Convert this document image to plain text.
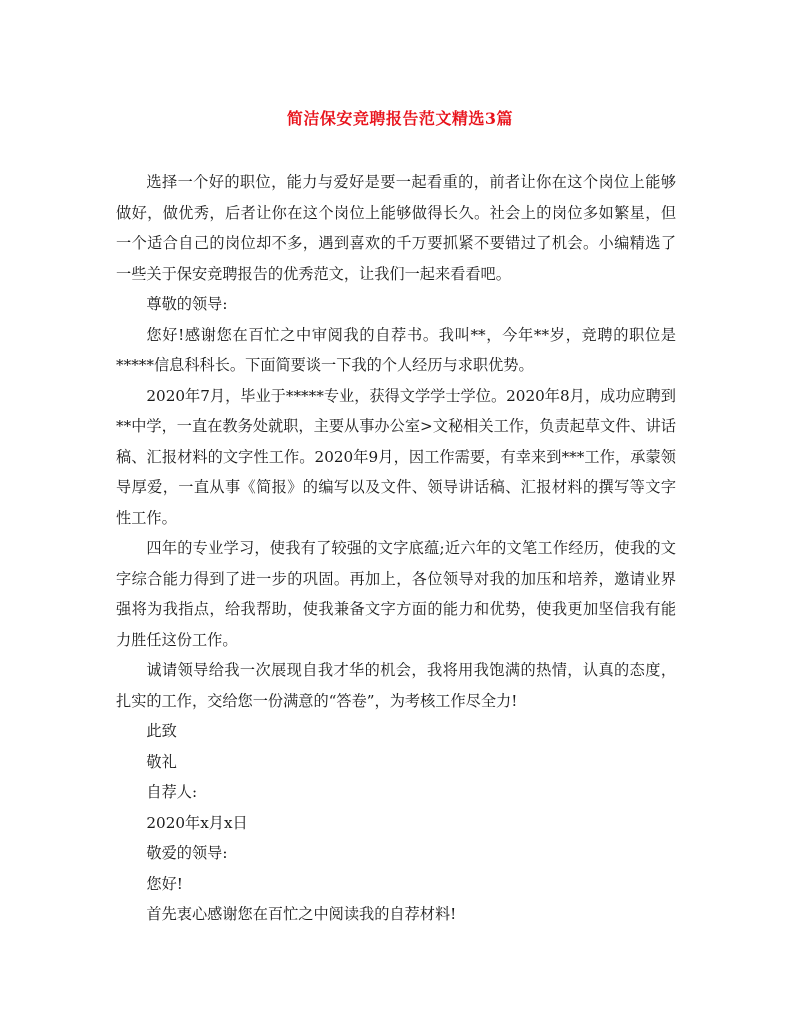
简洁保安竞聘报告范文精选3篇

选择一个好的职位，能力与爱好是要一起看重的，前者让你在这个岗位上能够做好，做优秀，后者让你在这个岗位上能够做得长久。社会上的岗位多如繁星，但一个适合自己的岗位却不多，遇到喜欢的千万要抓紧不要错过了机会。小编精选了一些关于保安竞聘报告的优秀范文，让我们一起来看看吧。

尊敬的领导:

您好!感谢您在百忙之中审阅我的自荐书。我叫**，今年**岁，竞聘的职位是*****信息科科长。下面简要谈一下我的个人经历与求职优势。

2020年7月，毕业于*****专业，获得文学学士学位。2020年8月，成功应聘到**中学，一直在教务处就职，主要从事办公室>文秘相关工作，负责起草文件、讲话稿、汇报材料的文字性工作。2020年9月，因工作需要，有幸来到***工作，承蒙领导厚爱，一直从事《简报》的编写以及文件、领导讲话稿、汇报材料的撰写等文字性工作。

四年的专业学习，使我有了较强的文字底蕴;近六年的文笔工作经历，使我的文字综合能力得到了进一步的巩固。再加上，各位领导对我的加压和培养，邀请业界强将为我指点，给我帮助，使我兼备文字方面的能力和优势，使我更加坚信我有能力胜任这份工作。

诚请领导给我一次展现自我才华的机会，我将用我饱满的热情，认真的态度，扎实的工作，交给您一份满意的“答卷”，为考核工作尽全力!

此致

敬礼

自荐人:

2020年x月x日

敬爱的领导:

您好!

首先衷心感谢您在百忙之中阅读我的自荐材料!
